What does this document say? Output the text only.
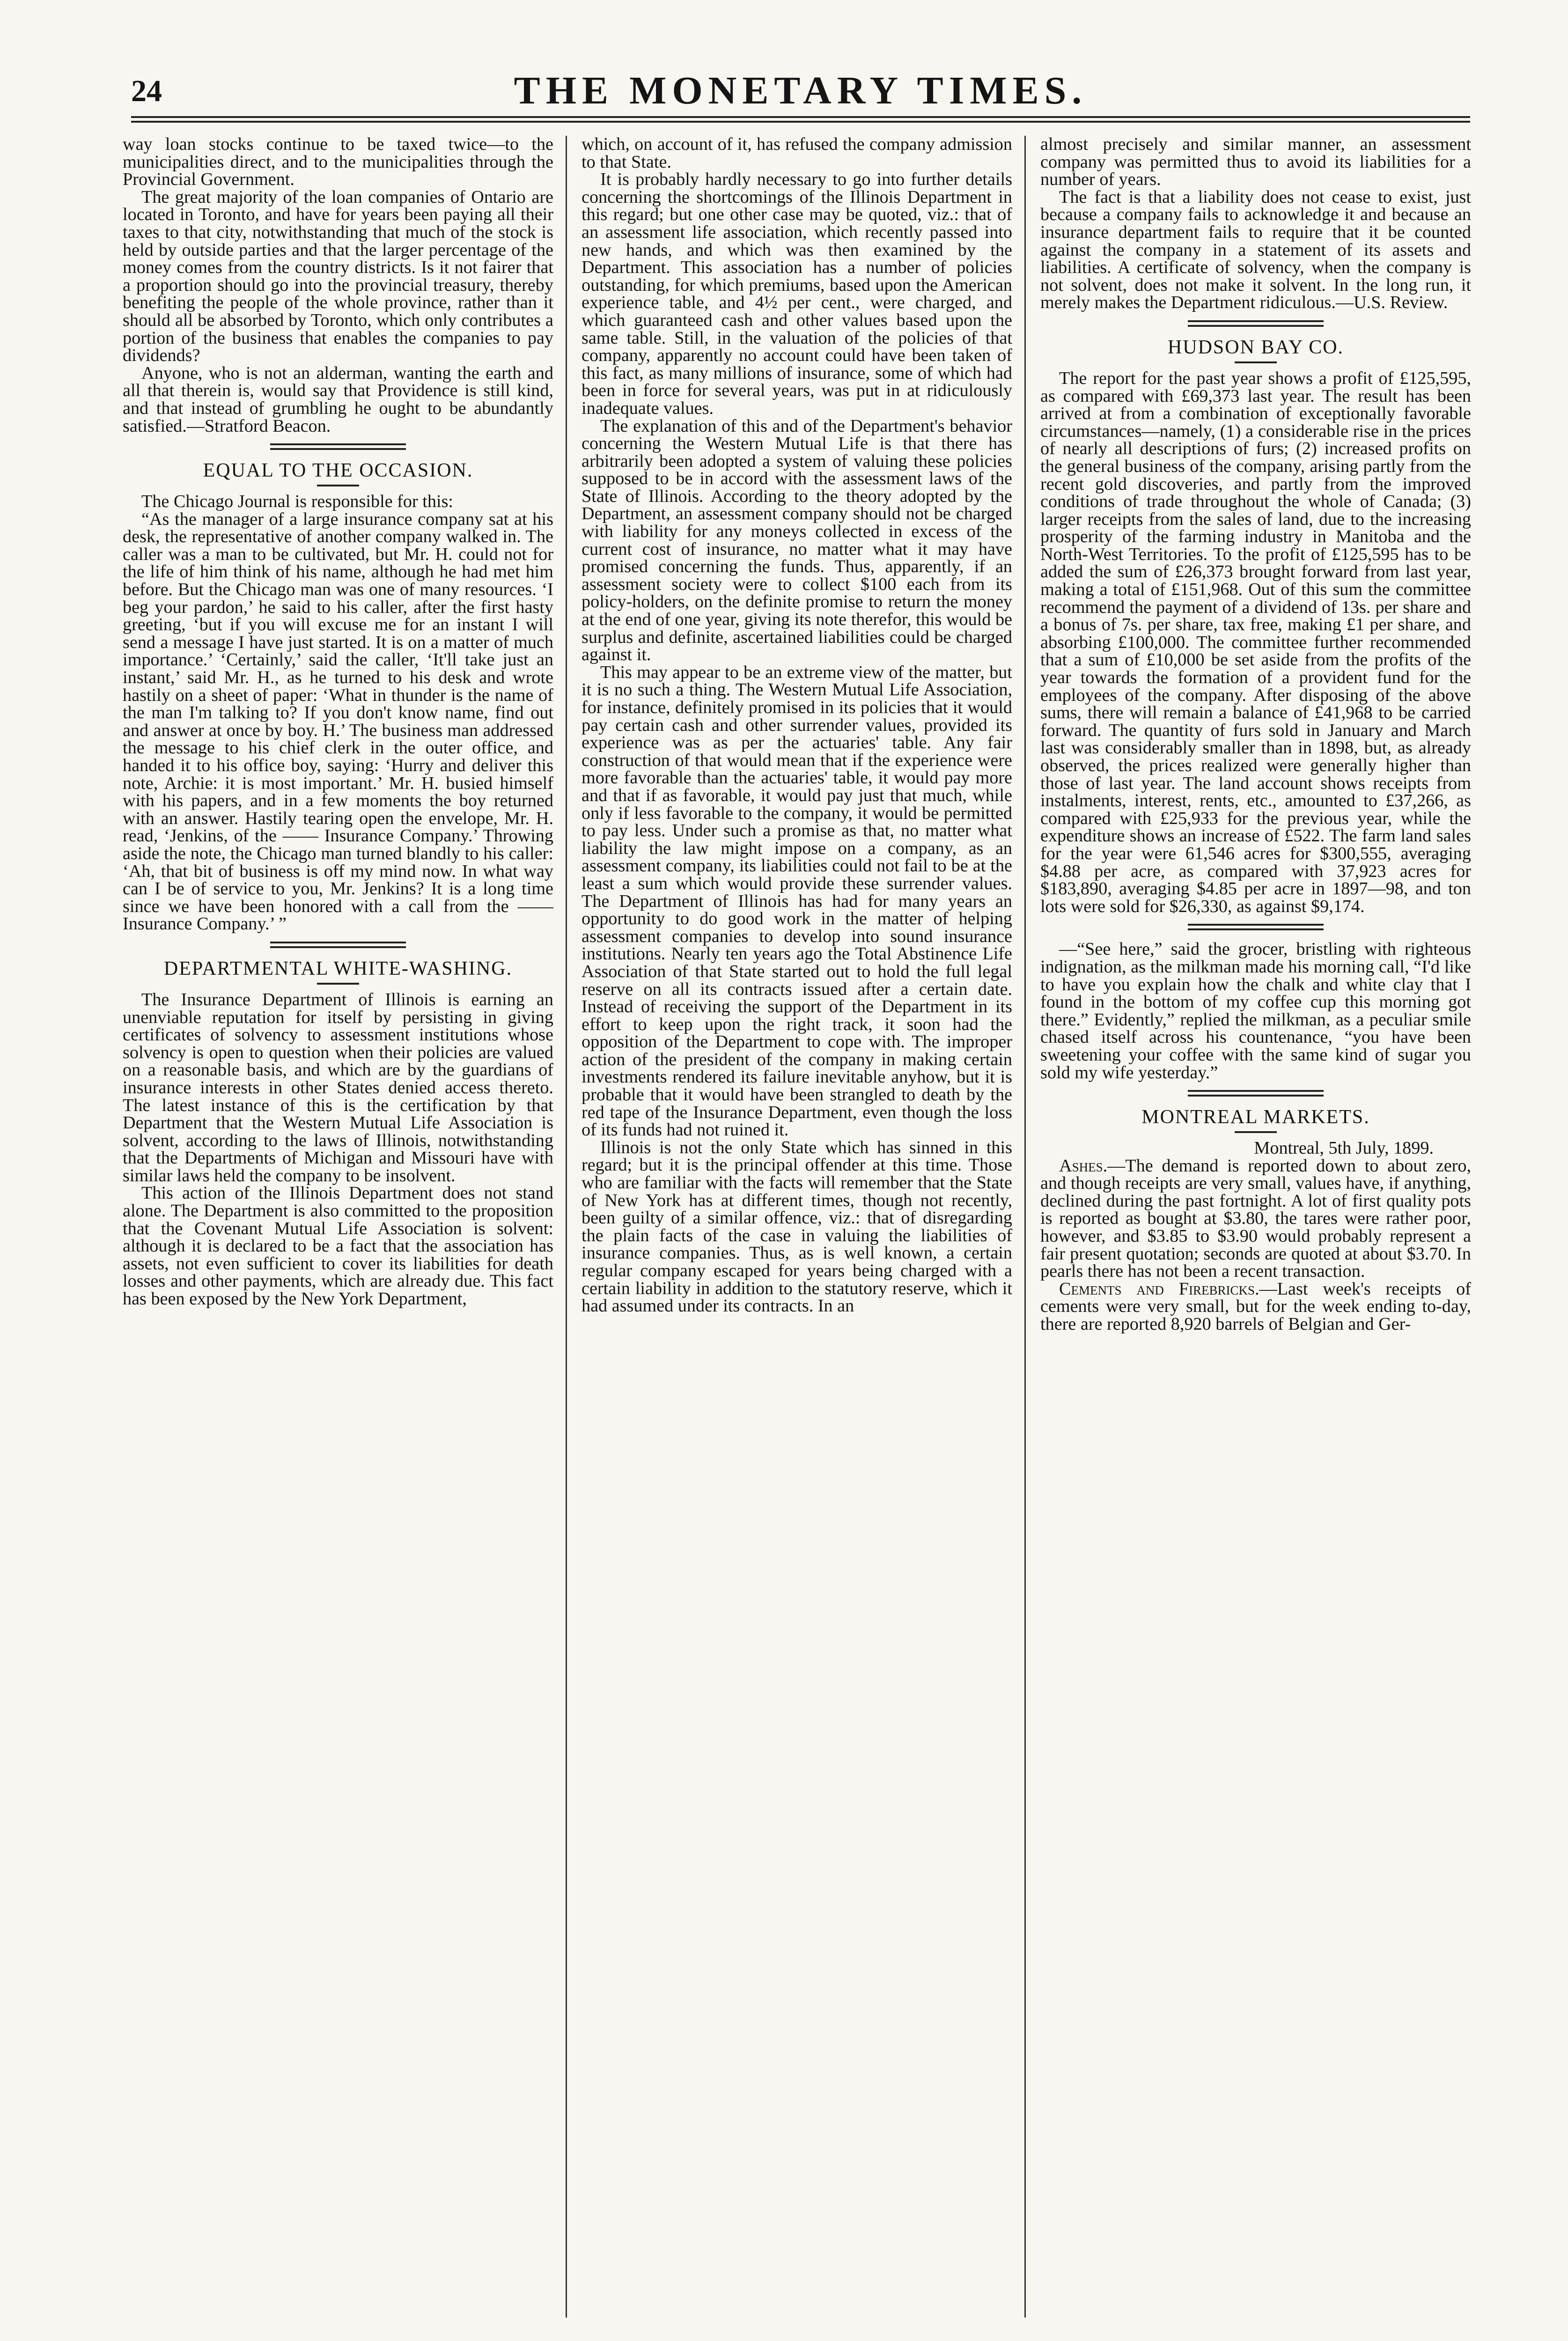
24	THE MONETARY TIMES.

way loan stocks continue to be taxed twice—to the municipalities direct, and to the municipalities through the Provincial Government.

The great majority of the loan companies of Ontario are located in Toronto, and have for years been paying all their taxes to that city, notwithstanding that much of the stock is held by outside parties and that the larger percentage of the money comes from the country districts. Is it not fairer that a proportion should go into the provincial treasury, thereby benefiting the people of the whole province, rather than it should all be absorbed by Toronto, which only contributes a portion of the business that enables the companies to pay dividends?

Anyone, who is not an alderman, wanting the earth and all that therein is, would say that Providence is still kind, and that instead of grumbling he ought to be abundantly satisfied.—Stratford Beacon.

EQUAL TO THE OCCASION.

The Chicago Journal is responsible for this:

“As the manager of a large insurance company sat at his desk, the representative of another company walked in. The caller was a man to be cultivated, but Mr. H. could not for the life of him think of his name, although he had met him before. But the Chicago man was one of many resources. ‘I beg your pardon,’ he said to his caller, after the first hasty greeting, ‘but if you will excuse me for an instant I will send a message I have just started. It is on a matter of much importance.’ ‘Certainly,’ said the caller, ‘It'll take just an instant,’ said Mr. H., as he turned to his desk and wrote hastily on a sheet of paper: ‘What in thunder is the name of the man I'm talking to? If you don't know name, find out and answer at once by boy. H.’ The business man addressed the message to his chief clerk in the outer office, and handed it to his office boy, saying: ‘Hurry and deliver this note, Archie: it is most important.’ Mr. H. busied himself with his papers, and in a few moments the boy returned with an answer. Hastily tearing open the envelope, Mr. H. read, ‘Jenkins, of the —— Insurance Company.’ Throwing aside the note, the Chicago man turned blandly to his caller: ‘Ah, that bit of business is off my mind now. In what way can I be of service to you, Mr. Jenkins? It is a long time since we have been honored with a call from the —— Insurance Company.’ ”

DEPARTMENTAL WHITE-WASHING.

The Insurance Department of Illinois is earning an unenviable reputation for itself by persisting in giving certificates of solvency to assessment institutions whose solvency is open to question when their policies are valued on a reasonable basis, and which are by the guardians of insurance interests in other States denied access thereto. The latest instance of this is the certification by that Department that the Western Mutual Life Association is solvent, according to the laws of Illinois, notwithstanding that the Departments of Michigan and Missouri have with similar laws held the company to be insolvent.

This action of the Illinois Department does not stand alone. The Department is also committed to the proposition that the Covenant Mutual Life Association is solvent: although it is declared to be a fact that the association has assets, not even sufficient to cover its liabilities for death losses and other payments, which are already due. This fact has been exposed by the New York Department,

which, on account of it, has refused the company admission to that State.

It is probably hardly necessary to go into further details concerning the shortcomings of the Illinois Department in this regard; but one other case may be quoted, viz.: that of an assessment life association, which recently passed into new hands, and which was then examined by the Department. This association has a number of policies outstanding, for which premiums, based upon the American experience table, and 4½ per cent., were charged, and which guaranteed cash and other values based upon the same table. Still, in the valuation of the policies of that company, apparently no account could have been taken of this fact, as many millions of insurance, some of which had been in force for several years, was put in at ridiculously inadequate values.

The explanation of this and of the Department's behavior concerning the Western Mutual Life is that there has arbitrarily been adopted a system of valuing these policies supposed to be in accord with the assessment laws of the State of Illinois. According to the theory adopted by the Department, an assessment company should not be charged with liability for any moneys collected in excess of the current cost of insurance, no matter what it may have promised concerning the funds. Thus, apparently, if an assessment society were to collect $100 each from its policy-holders, on the definite promise to return the money at the end of one year, giving its note therefor, this would be surplus and definite, ascertained liabilities could be charged against it.

This may appear to be an extreme view of the matter, but it is no such a thing. The Western Mutual Life Association, for instance, definitely promised in its policies that it would pay certain cash and other surrender values, provided its experience was as per the actuaries' table. Any fair construction of that would mean that if the experience were more favorable than the actuaries' table, it would pay more and that if as favorable, it would pay just that much, while only if less favorable to the company, it would be permitted to pay less. Under such a promise as that, no matter what liability the law might impose on a company, as an assessment company, its liabilities could not fail to be at the least a sum which would provide these surrender values. The Department of Illinois has had for many years an opportunity to do good work in the matter of helping assessment companies to develop into sound insurance institutions. Nearly ten years ago the Total Abstinence Life Association of that State started out to hold the full legal reserve on all its contracts issued after a certain date. Instead of receiving the support of the Department in its effort to keep upon the right track, it soon had the opposition of the Department to cope with. The improper action of the president of the company in making certain investments rendered its failure inevitable anyhow, but it is probable that it would have been strangled to death by the red tape of the Insurance Department, even though the loss of its funds had not ruined it.

Illinois is not the only State which has sinned in this regard; but it is the principal offender at this time. Those who are familiar with the facts will remember that the State of New York has at different times, though not recently, been guilty of a similar offence, viz.: that of disregarding the plain facts of the case in valuing the liabilities of insurance companies. Thus, as is well known, a certain regular company escaped for years being charged with a certain liability in addition to the statutory reserve, which it had assumed under its contracts. In an

almost precisely and similar manner, an assessment company was permitted thus to avoid its liabilities for a number of years.

The fact is that a liability does not cease to exist, just because a company fails to acknowledge it and because an insurance department fails to require that it be counted against the company in a statement of its assets and liabilities. A certificate of solvency, when the company is not solvent, does not make it solvent. In the long run, it merely makes the Department ridiculous.—U.S. Review.

HUDSON BAY CO.

The report for the past year shows a profit of £125,595, as compared with £69,373 last year. The result has been arrived at from a combination of exceptionally favorable circumstances—namely, (1) a considerable rise in the prices of nearly all descriptions of furs; (2) increased profits on the general business of the company, arising partly from the recent gold discoveries, and partly from the improved conditions of trade throughout the whole of Canada; (3) larger receipts from the sales of land, due to the increasing prosperity of the farming industry in Manitoba and the North-West Territories. To the profit of £125,595 has to be added the sum of £26,373 brought forward from last year, making a total of £151,968. Out of this sum the committee recommend the payment of a dividend of 13s. per share and a bonus of 7s. per share, tax free, making £1 per share, and absorbing £100,000. The committee further recommended that a sum of £10,000 be set aside from the profits of the year towards the formation of a provident fund for the employees of the company. After disposing of the above sums, there will remain a balance of £41,968 to be carried forward. The quantity of furs sold in January and March last was considerably smaller than in 1898, but, as already observed, the prices realized were generally higher than those of last year. The land account shows receipts from instalments, interest, rents, etc., amounted to £37,266, as compared with £25,933 for the previous year, while the expenditure shows an increase of £522. The farm land sales for the year were 61,546 acres for $300,555, averaging $4.88 per acre, as compared with 37,923 acres for $183,890, averaging $4.85 per acre in 1897—98, and ton lots were sold for $26,330, as against $9,174.

—“See here,” said the grocer, bristling with righteous indignation, as the milkman made his morning call, “I'd like to have you explain how the chalk and white clay that I found in the bottom of my coffee cup this morning got there.” Evidently,” replied the milkman, as a peculiar smile chased itself across his countenance, “you have been sweetening your coffee with the same kind of sugar you sold my wife yesterday.”

MONTREAL MARKETS.

Montreal, 5th July, 1899.

Ashes.—The demand is reported down to about zero, and though receipts are very small, values have, if anything, declined during the past fortnight. A lot of first quality pots is reported as bought at $3.80, the tares were rather poor, however, and $3.85 to $3.90 would probably represent a fair present quotation; seconds are quoted at about $3.70. In pearls there has not been a recent transaction.

Cements and Firebricks.—Last week's receipts of cements were very small, but for the week ending to-day, there are reported 8,920 barrels of Belgian and Ger-
